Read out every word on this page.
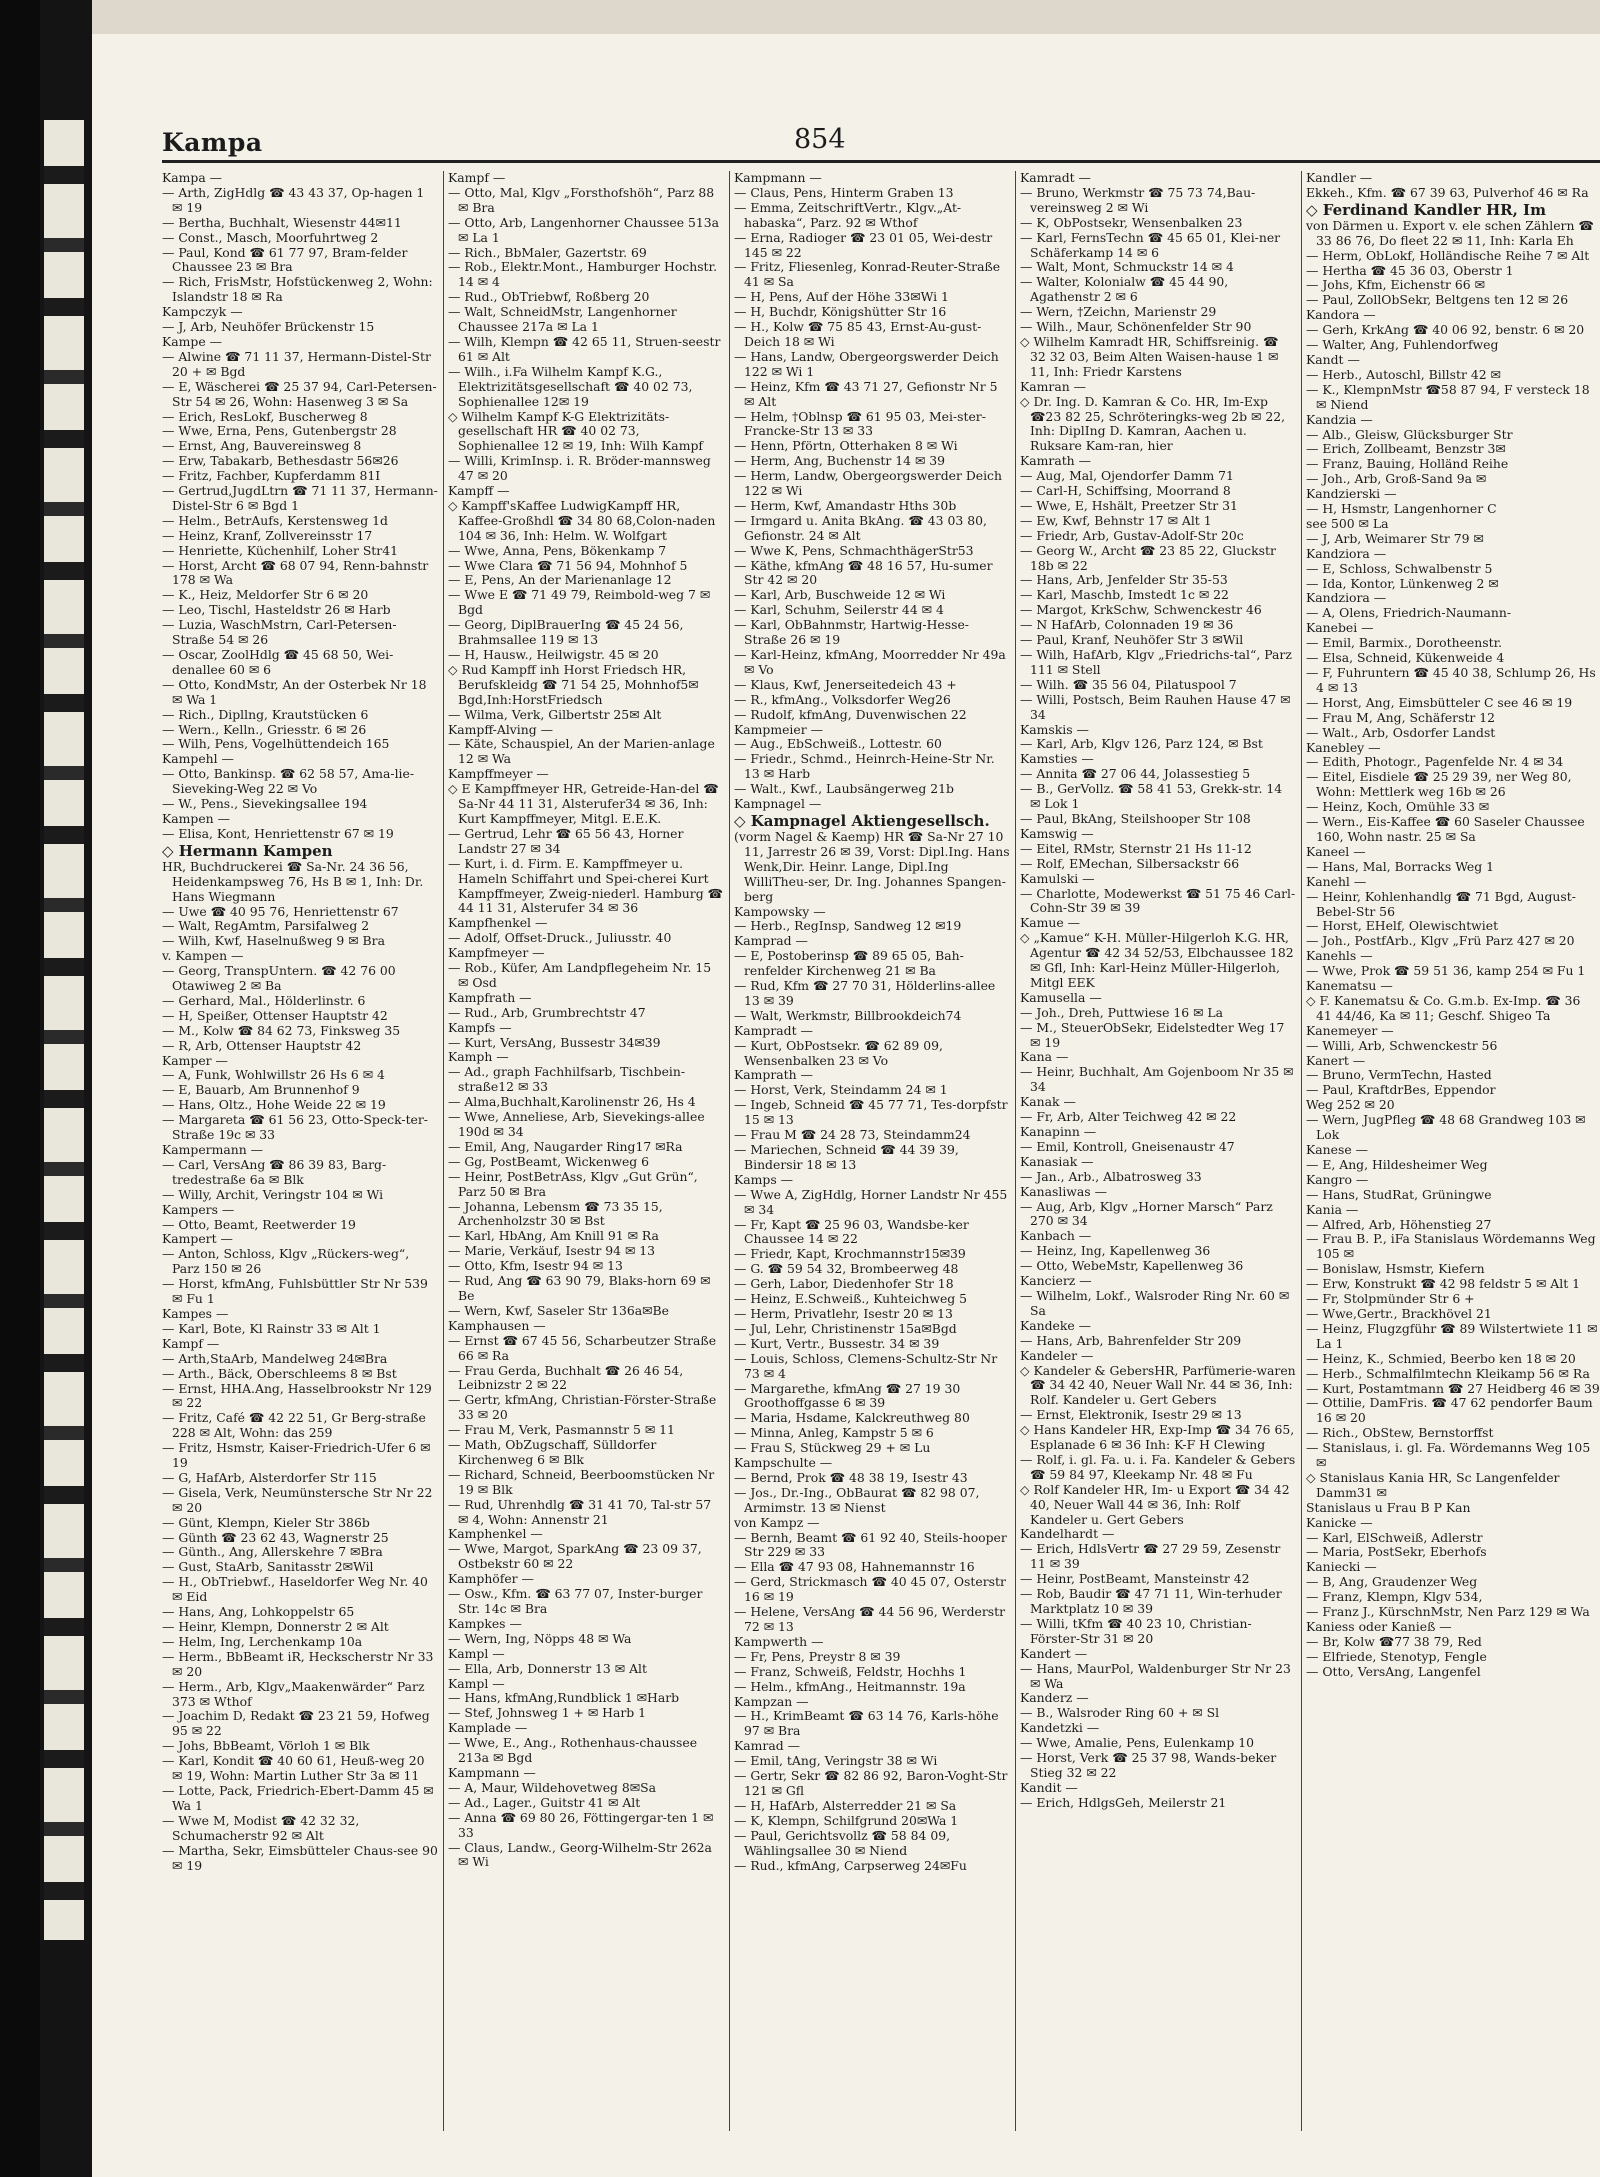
Kampa	854

Kampa —

— Arth, ZigHdlg ☎ 43 43 37, Op-hagen 1 ✉ 19

— Bertha, Buchhalt, Wiesenstr 44✉11

— Const., Masch, Moorfuhrtweg 2

— Paul, Kond ☎ 61 77 97, Bram-felder Chaussee 23 ✉ Bra

— Rich, FrisMstr, Hofstückenweg 2, Wohn: Islandstr 18 ✉ Ra

Kampczyk —

— J, Arb, Neuhöfer Brückenstr 15

Kampe —

— Alwine ☎ 71 11 37, Hermann-Distel-Str 20 + ✉ Bgd

— E, Wäscherei ☎ 25 37 94, Carl-Petersen-Str 54 ✉ 26, Wohn: Hasenweg 3 ✉ Sa

— Erich, ResLokf, Buscherweg 8

— Wwe, Erna, Pens, Gutenbergstr 28

— Ernst, Ang, Bauvereinsweg 8

— Erw, Tabakarb, Bethesdastr 56✉26

— Fritz, Fachber, Kupferdamm 81I

— Gertrud,JugdLtrn ☎ 71 11 37, Hermann-Distel-Str 6 ✉ Bgd 1

— Helm., BetrAufs, Kerstensweg 1d

— Heinz, Kranf, Zollvereinsstr 17

— Henriette, Küchenhilf, Loher Str41

— Horst, Archt ☎ 68 07 94, Renn-bahnstr 178 ✉ Wa

— K., Heiz, Meldorfer Str 6 ✉ 20

— Leo, Tischl, Hasteldstr 26 ✉ Harb

— Luzia, WaschMstrn, Carl-Petersen-Straße 54 ✉ 26

— Oscar, ZoolHdlg ☎ 45 68 50, Wei-denallee 60 ✉ 6

— Otto, KondMstr, An der Osterbek Nr 18 ✉ Wa 1

— Rich., Dipllng, Krautstücken 6

— Wern., Kelln., Griesstr. 6 ✉ 26

— Wilh, Pens, Vogelhüttendeich 165

Kampehl —

— Otto, Bankinsp. ☎ 62 58 57, Ama-lie-Sieveking-Weg 22 ✉ Vo

— W., Pens., Sievekingsallee 194

Kampen —

— Elisa, Kont, Henriettenstr 67 ✉ 19

◇ Hermann Kampen

HR, Buchdruckerei ☎ Sa-Nr. 24 36 56, Heidenkampsweg 76, Hs B ✉ 1, Inh: Dr. Hans Wiegmann

— Uwe ☎ 40 95 76, Henriettenstr 67

— Walt, RegAmtm, Parsifalweg 2

— Wilh, Kwf, Haselnußweg 9 ✉ Bra

v. Kampen —

— Georg, TranspUntern. ☎ 42 76 00 Otawiweg 2 ✉ Ba

— Gerhard, Mal., Hölderlinstr. 6

— H, Speißer, Ottenser Hauptstr 42

— M., Kolw ☎ 84 62 73, Finksweg 35

— R, Arb, Ottenser Hauptstr 42

Kamper —

— A, Funk, Wohlwillstr 26 Hs 6 ✉ 4

— E, Bauarb, Am Brunnenhof 9

— Hans, Oltz., Hohe Weide 22 ✉ 19

— Margareta ☎ 61 56 23, Otto-Speck-ter-Straße 19c ✉ 33

Kampermann —

— Carl, VersAng ☎ 86 39 83, Barg-tredestraße 6a ✉ Blk

— Willy, Archit, Veringstr 104 ✉ Wi

Kampers —

— Otto, Beamt, Reetwerder 19

Kampert —

— Anton, Schloss, Klgv „Rückers-weg“, Parz 150 ✉ 26

— Horst, kfmAng, Fuhlsbüttler Str Nr 539 ✉ Fu 1

Kampes —

— Karl, Bote, Kl Rainstr 33 ✉ Alt 1

Kampf —

— Arth,StaArb, Mandelweg 24✉Bra

— Arth., Bäck, Oberschleems 8 ✉ Bst

— Ernst, HHA.Ang, Hasselbrookstr Nr 129 ✉ 22

— Fritz, Café ☎ 42 22 51, Gr Berg-straße 228 ✉ Alt, Wohn: das 259

— Fritz, Hsmstr, Kaiser-Friedrich-Ufer 6 ✉ 19

— G, HafArb, Alsterdorfer Str 115

— Gisela, Verk, Neumünstersche Str Nr 22 ✉ 20

— Günt, Klempn, Kieler Str 386b

— Günth ☎ 23 62 43, Wagnerstr 25

— Günth., Ang, Allerskehre 7 ✉Bra

— Gust, StaArb, Sanitasstr 2✉Wil

— H., ObTriebwf., Haseldorfer Weg Nr. 40 ✉ Eid

— Hans, Ang, Lohkoppelstr 65

— Heinr, Klempn, Donnerstr 2 ✉ Alt

— Helm, Ing, Lerchenkamp 10a

— Herm., BbBeamt iR, Heckscherstr Nr 33 ✉ 20

— Herm., Arb, Klgv„Maakenwärder“ Parz 373 ✉ Wthof

— Joachim D, Redakt ☎ 23 21 59, Hofweg 95 ✉ 22

— Johs, BbBeamt, Vörloh 1 ✉ Blk

— Karl, Kondit ☎ 40 60 61, Heuß-weg 20 ✉ 19, Wohn: Martin Luther Str 3a ✉ 11

— Lotte, Pack, Friedrich-Ebert-Damm 45 ✉ Wa 1

— Wwe M, Modist ☎ 42 32 32, Schumacherstr 92 ✉ Alt

— Martha, Sekr, Eimsbütteler Chaus-see 90 ✉ 19

Kampf —

— Otto, Mal, Klgv „Forsthofshöh“, Parz 88 ✉ Bra

— Otto, Arb, Langenhorner Chaussee 513a ✉ La 1

— Rich., BbMaler, Gazertstr. 69

— Rob., Elektr.Mont., Hamburger Hochstr. 14 ✉ 4

— Rud., ObTriebwf, Roßberg 20

— Walt, SchneidMstr, Langenhorner Chaussee 217a ✉ La 1

— Wilh, Klempn ☎ 42 65 11, Struen-seestr 61 ✉ Alt

— Wilh., i.Fa Wilhelm Kampf K.G., Elektrizitätsgesellschaft ☎ 40 02 73, Sophienallee 12✉ 19

◇ Wilhelm Kampf K-G Elektrizitäts-gesellschaft HR ☎ 40 02 73, Sophienallee 12 ✉ 19, Inh: Wilh Kampf

— Willi, KrimInsp. i. R. Bröder-mannsweg 47 ✉ 20

Kampff —

◇ Kampff'sKaffee LudwigKampff HR, Kaffee-Großhdl ☎ 34 80 68,Colon-naden 104 ✉ 36, Inh: Helm. W. Wolfgart

— Wwe, Anna, Pens, Bökenkamp 7

— Wwe Clara ☎ 71 56 94, Mohnhof 5

— E, Pens, An der Marienanlage 12

— Wwe E ☎ 71 49 79, Reimbold-weg 7 ✉ Bgd

— Georg, DiplBrauerIng ☎ 45 24 56, Brahmsallee 119 ✉ 13

— H, Hausw., Heilwigstr. 45 ✉ 20

◇ Rud Kampff inh Horst Friedsch HR, Berufskleidg ☎ 71 54 25, Mohnhof5✉Bgd,Inh:HorstFriedsch

— Wilma, Verk, Gilbertstr 25✉ Alt

Kampff-Alving —

— Käte, Schauspiel, An der Marien-anlage 12 ✉ Wa

Kampffmeyer —

◇ E Kampffmeyer HR, Getreide-Han-del ☎ Sa-Nr 44 11 31, Alsterufer34 ✉ 36, Inh: Kurt Kampffmeyer, Mitgl. E.E.K.

— Gertrud, Lehr ☎ 65 56 43, Horner Landstr 27 ✉ 34

— Kurt, i. d. Firm. E. Kampffmeyer u. Hameln Schiffahrt und Spei-cherei Kurt Kampffmeyer, Zweig-niederl. Hamburg ☎ 44 11 31, Alsterufer 34 ✉ 36

Kampfhenkel —

— Adolf, Offset-Druck., Juliusstr. 40

Kampfmeyer —

— Rob., Küfer, Am Landpflegeheim Nr. 15 ✉ Osd

Kampfrath —

— Rud., Arb, Grumbrechtstr 47

Kampfs —

— Kurt, VersAng, Bussestr 34✉39

Kamph —

— Ad., graph Fachhilfsarb, Tischbein-straße12 ✉ 33

— Alma,Buchhalt,Karolinenstr 26, Hs 4

— Wwe, Anneliese, Arb, Sievekings-allee 190d ✉ 34

— Emil, Ang, Naugarder Ring17 ✉Ra

— Gg, PostBeamt, Wickenweg 6

— Heinr, PostBetrAss, Klgv „Gut Grün“, Parz 50 ✉ Bra

— Johanna, Lebensm ☎ 73 35 15, Archenholzstr 30 ✉ Bst

— Karl, HbAng, Am Knill 91 ✉ Ra

— Marie, Verkäuf, Isestr 94 ✉ 13

— Otto, Kfm, Isestr 94 ✉ 13

— Rud, Ang ☎ 63 90 79, Blaks-horn 69 ✉ Be

— Wern, Kwf, Saseler Str 136a✉Be

Kamphausen —

— Ernst ☎ 67 45 56, Scharbeutzer Straße 66 ✉ Ra

— Frau Gerda, Buchhalt ☎ 26 46 54, Leibnizstr 2 ✉ 22

— Gertr, kfmAng, Christian-Förster-Straße 33 ✉ 20

— Frau M, Verk, Pasmannstr 5 ✉ 11

— Math, ObZugschaff, Sülldorfer Kirchenweg 6 ✉ Blk

— Richard, Schneid, Beerboomstücken Nr 19 ✉ Blk

— Rud, Uhrenhdlg ☎ 31 41 70, Tal-str 57 ✉ 4, Wohn: Annenstr 21

Kamphenkel —

— Wwe, Margot, SparkAng ☎ 23 09 37, Ostbekstr 60 ✉ 22

Kamphöfer —

— Osw., Kfm. ☎ 63 77 07, Inster-burger Str. 14c ✉ Bra

Kampkes —

— Wern, Ing, Nöpps 48 ✉ Wa

Kampl —

— Ella, Arb, Donnerstr 13 ✉ Alt

Kampl —

— Hans, kfmAng,Rundblick 1 ✉Harb

— Stef, Johnsweg 1 + ✉ Harb 1

Kamplade —

— Wwe, E., Ang., Rothenhaus-chaussee 213a ✉ Bgd

Kampmann —

— A, Maur, Wildehovetweg 8✉Sa

— Ad., Lager., Guitstr 41 ✉ Alt

— Anna ☎ 69 80 26, Föttingergar-ten 1 ✉ 33

— Claus, Landw., Georg-Wilhelm-Str 262a ✉ Wi

Kampmann —

— Claus, Pens, Hinterm Graben 13

— Emma, ZeitschriftVertr., Klgv.„At-habaska“, Parz. 92 ✉ Wthof

— Erna, Radioger ☎ 23 01 05, Wei-destr 145 ✉ 22

— Fritz, Fliesenleg, Konrad-Reuter-Straße 41 ✉ Sa

— H, Pens, Auf der Höhe 33✉Wi 1

— H, Buchdr, Königshütter Str 16

— H., Kolw ☎ 75 85 43, Ernst-Au-gust-Deich 18 ✉ Wi

— Hans, Landw, Obergeorgswerder Deich 122 ✉ Wi 1

— Heinz, Kfm ☎ 43 71 27, Gefionstr Nr 5 ✉ Alt

— Helm, †Oblnsp ☎ 61 95 03, Mei-ster-Francke-Str 13 ✉ 33

— Henn, Pförtn, Otterhaken 8 ✉ Wi

— Herm, Ang, Buchenstr 14 ✉ 39

— Herm, Landw, Obergeorgswerder Deich 122 ✉ Wi

— Herm, Kwf, Amandastr Hths 30b

— Irmgard u. Anita BkAng. ☎ 43 03 80, Gefionstr. 24 ✉ Alt

— Wwe K, Pens, SchmachthägerStr53

— Käthe, kfmAng ☎ 48 16 57, Hu-sumer Str 42 ✉ 20

— Karl, Arb, Buschweide 12 ✉ Wi

— Karl, Schuhm, Seilerstr 44 ✉ 4

— Karl, ObBahnmstr, Hartwig-Hesse-Straße 26 ✉ 19

— Karl-Heinz, kfmAng, Moorredder Nr 49a ✉ Vo

— Klaus, Kwf, Jenerseitedeich 43 +

— R., kfmAng., Volksdorfer Weg26

— Rudolf, kfmAng, Duvenwischen 22

Kampmeier —

— Aug., EbSchweiß., Lottestr. 60

— Friedr., Schmd., Heinrch-Heine-Str Nr. 13 ✉ Harb

— Walt., Kwf., Laubsängerweg 21b

Kampnagel —

◇ Kampnagel Aktiengesellsch.

(vorm Nagel & Kaemp) HR ☎ Sa-Nr 27 10 11, Jarrestr 26 ✉ 39, Vorst: Dipl.Ing. Hans Wenk,Dir. Heinr. Lange, Dipl.Ing WilliTheu-ser, Dr. Ing. Johannes Spangen-berg

Kampowsky —

— Herb., RegInsp, Sandweg 12 ✉19

Kamprad —

— E, Postoberinsp ☎ 89 65 05, Bah-renfelder Kirchenweg 21 ✉ Ba

— Rud, Kfm ☎ 27 70 31, Hölderlins-allee 13 ✉ 39

— Walt, Werkmstr, Billbrookdeich74

Kampradt —

— Kurt, ObPostsekr. ☎ 62 89 09, Wensenbalken 23 ✉ Vo

Kamprath —

— Horst, Verk, Steindamm 24 ✉ 1

— Ingeb, Schneid ☎ 45 77 71, Tes-dorpfstr 15 ✉ 13

— Frau M ☎ 24 28 73, Steindamm24

— Mariechen, Schneid ☎ 44 39 39, Bindersir 18 ✉ 13

Kamps —

— Wwe A, ZigHdlg, Horner Landstr Nr 455 ✉ 34

— Fr, Kapt ☎ 25 96 03, Wandsbe-ker Chaussee 14 ✉ 22

— Friedr, Kapt, Krochmannstr15✉39

— G. ☎ 59 54 32, Brombeerweg 48

— Gerh, Labor, Diedenhofer Str 18

— Heinz, E.Schweiß., Kuhteichweg 5

— Herm, Privatlehr, Isestr 20 ✉ 13

— Jul, Lehr, Christinenstr 15a✉Bgd

— Kurt, Vertr., Bussestr. 34 ✉ 39

— Louis, Schloss, Clemens-Schultz-Str Nr 73 ✉ 4

— Margarethe, kfmAng ☎ 27 19 30 Groothoffgasse 6 ✉ 39

— Maria, Hsdame, Kalckreuthweg 80

— Minna, Anleg, Kampstr 5 ✉ 6

— Frau S, Stückweg 29 + ✉ Lu

Kampschulte —

— Bernd, Prok ☎ 48 38 19, Isestr 43

— Jos., Dr.-Ing., ObBaurat ☎ 82 98 07, Armimstr. 13 ✉ Nienst

von Kampz —

— Bernh, Beamt ☎ 61 92 40, Steils-hooper Str 229 ✉ 33

— Ella ☎ 47 93 08, Hahnemannstr 16

— Gerd, Strickmasch ☎ 40 45 07, Osterstr 16 ✉ 19

— Helene, VersAng ☎ 44 56 96, Werderstr 72 ✉ 13

Kampwerth —

— Fr, Pens, Preystr 8 ✉ 39

— Franz, Schweiß, Feldstr, Hochhs 1

— Helm., kfmAng., Heitmannstr. 19a

Kampzan —

— H., KrimBeamt ☎ 63 14 76, Karls-höhe 97 ✉ Bra

Kamrad —

— Emil, tAng, Veringstr 38 ✉ Wi

— Gertr, Sekr ☎ 82 86 92, Baron-Voght-Str 121 ✉ Gfl

— H, HafArb, Alsterredder 21 ✉ Sa

— K, Klempn, Schilfgrund 20✉Wa 1

— Paul, Gerichtsvollz ☎ 58 84 09, Wählingsallee 30 ✉ Niend

— Rud., kfmAng, Carpserweg 24✉Fu

Kamradt —

— Bruno, Werkmstr ☎ 75 73 74,Bau-vereinsweg 2 ✉ Wi

— K, ObPostsekr, Wensenbalken 23

— Karl, FernsTechn ☎ 45 65 01, Klei-ner Schäferkamp 14 ✉ 6

— Walt, Mont, Schmuckstr 14 ✉ 4

— Walter, Kolonialw ☎ 45 44 90, Agathenstr 2 ✉ 6

— Wern, †Zeichn, Marienstr 29

— Wilh., Maur, Schönenfelder Str 90

◇ Wilhelm Kamradt HR, Schiffsreinig. ☎ 32 32 03, Beim Alten Waisen-hause 1 ✉ 11, Inh: Friedr Karstens

Kamran —

◇ Dr. Ing. D. Kamran & Co. HR, Im-Exp ☎23 82 25, Schröteringks-weg 2b ✉ 22, Inh: DiplIng D. Kamran, Aachen u. Ruksare Kam-ran, hier

Kamrath —

— Aug, Mal, Ojendorfer Damm 71

— Carl-H, Schiffsing, Moorrand 8

— Wwe, E, Hshält, Preetzer Str 31

— Ew, Kwf, Behnstr 17 ✉ Alt 1

— Friedr, Arb, Gustav-Adolf-Str 20c

— Georg W., Archt ☎ 23 85 22, Gluckstr 18b ✉ 22

— Hans, Arb, Jenfelder Str 35-53

— Karl, Maschb, Imstedt 1c ✉ 22

— Margot, KrkSchw, Schwenckestr 46

— N HafArb, Colonnaden 19 ✉ 36

— Paul, Kranf, Neuhöfer Str 3 ✉Wil

— Wilh, HafArb, Klgv „Friedrichs-tal“, Parz 111 ✉ Stell

— Wilh. ☎ 35 56 04, Pilatuspool 7

— Willi, Postsch, Beim Rauhen Hause 47 ✉ 34

Kamskis —

— Karl, Arb, Klgv 126, Parz 124, ✉ Bst

Kamsties —

— Annita ☎ 27 06 44, Jolassestieg 5

— B., GerVollz. ☎ 58 41 53, Grekk-str. 14 ✉ Lok 1

— Paul, BkAng, Steilshooper Str 108

Kamswig —

— Eitel, RMstr, Sternstr 21 Hs 11-12

— Rolf, EMechan, Silbersackstr 66

Kamulski —

— Charlotte, Modewerkst ☎ 51 75 46 Carl-Cohn-Str 39 ✉ 39

Kamue —

◇ „Kamue“ K-H. Müller-Hilgerloh K.G. HR, Agentur ☎ 42 34 52/53, Elbchaussee 182 ✉ Gfl, Inh: Karl-Heinz Müller-Hilgerloh, Mitgl EEK

Kamusella —

— Joh., Dreh, Puttwiese 16 ✉ La

— M., SteuerObSekr, Eidelstedter Weg 17 ✉ 19

Kana —

— Heinr, Buchhalt, Am Gojenboom Nr 35 ✉ 34

Kanak —

— Fr, Arb, Alter Teichweg 42 ✉ 22

Kanapinn —

— Emil, Kontroll, Gneisenaustr 47

Kanasiak —

— Jan., Arb., Albatrosweg 33

Kanasliwas —

— Aug, Arb, Klgv „Horner Marsch“ Parz 270 ✉ 34

Kanbach —

— Heinz, Ing, Kapellenweg 36

— Otto, WebeMstr, Kapellenweg 36

Kancierz —

— Wilhelm, Lokf., Walsroder Ring Nr. 60 ✉ Sa

Kandeke —

— Hans, Arb, Bahrenfelder Str 209

Kandeler —

◇ Kandeler & GebersHR, Parfümerie-waren ☎ 34 42 40, Neuer Wall Nr. 44 ✉ 36, Inh: Rolf. Kandeler u. Gert Gebers

— Ernst, Elektronik, Isestr 29 ✉ 13

◇ Hans Kandeler HR, Exp-Imp ☎ 34 76 65, Esplanade 6 ✉ 36 Inh: K-F H Clewing

— Rolf, i. gl. Fa. u. i. Fa. Kandeler & Gebers ☎ 59 84 97, Kleekamp Nr. 48 ✉ Fu

◇ Rolf Kandeler HR, Im- u Export ☎ 34 42 40, Neuer Wall 44 ✉ 36, Inh: Rolf Kandeler u. Gert Gebers

Kandelhardt —

— Erich, HdlsVertr ☎ 27 29 59, Zesenstr 11 ✉ 39

— Heinr, PostBeamt, Mansteinstr 42

— Rob, Baudir ☎ 47 71 11, Win-terhuder Marktplatz 10 ✉ 39

— Willi, tKfm ☎ 40 23 10, Christian-Förster-Str 31 ✉ 20

Kandert —

— Hans, MaurPol, Waldenburger Str Nr 23 ✉ Wa

Kanderz —

— B., Walsroder Ring 60 + ✉ Sl

Kandetzki —

— Wwe, Amalie, Pens, Eulenkamp 10

— Horst, Verk ☎ 25 37 98, Wands-beker Stieg 32 ✉ 22

Kandit —

— Erich, HdlgsGeh, Meilerstr 21

Kandler —

Ekkeh., Kfm. ☎ 67 39 63, Pulverhof 46 ✉ Ra

◇ Ferdinand Kandler HR, Im

von Därmen u. Export v. ele schen Zählern ☎ 33 86 76, Do fleet 22 ✉ 11, Inh: Karla Eh

— Herm, ObLokf, Holländische Reihe 7 ✉ Alt

— Hertha ☎ 45 36 03, Oberstr 1

— Johs, Kfm, Eichenstr 66 ✉

— Paul, ZollObSekr, Beltgens ten 12 ✉ 26

Kandora —

— Gerh, KrkAng ☎ 40 06 92, benstr. 6 ✉ 20

— Walter, Ang, Fuhlendorfweg

Kandt —

— Herb., Autoschl, Billstr 42 ✉

— K., KlempnMstr ☎58 87 94, F versteck 18 ✉ Niend

Kandzia —

— Alb., Gleisw, Glücksburger Str

— Erich, Zollbeamt, Benzstr 3✉

— Franz, Bauing, Holländ Reihe

— Joh., Arb, Groß-Sand 9a ✉

Kandzierski —

— H, Hsmstr, Langenhorner C

see 500 ✉ La

— J, Arb, Weimarer Str 79 ✉

Kandziora —

— E, Schloss, Schwalbenstr 5

— Ida, Kontor, Lünkenweg 2 ✉

Kandziora —

— A, Olens, Friedrich-Naumann-

Kanebei —

— Emil, Barmix., Dorotheenstr.

— Elsa, Schneid, Kükenweide 4

— F, Fuhruntern ☎ 45 40 38, Schlump 26, Hs 4 ✉ 13

— Horst, Ang, Eimsbütteler C see 46 ✉ 19

— Frau M, Ang, Schäferstr 12

— Walt., Arb, Osdorfer Landst

Kanebley —

— Edith, Photogr., Pagenfelde Nr. 4 ✉ 34

— Eitel, Eisdiele ☎ 25 29 39, ner Weg 80, Wohn: Mettlerk weg 16b ✉ 26

— Heinz, Koch, Omühle 33 ✉

— Wern., Eis-Kaffee ☎ 60 Saseler Chaussee 160, Wohn nastr. 25 ✉ Sa

Kaneel —

— Hans, Mal, Borracks Weg 1

Kanehl —

— Heinr, Kohlenhandlg ☎ 71 Bgd, August-Bebel-Str 56

— Horst, EHelf, Olewischtwiet

— Joh., PostfArb., Klgv „Frü Parz 427 ✉ 20

Kanehls —

— Wwe, Prok ☎ 59 51 36, kamp 254 ✉ Fu 1

Kanematsu —

◇ F. Kanematsu & Co. G.m.b. Ex-Imp. ☎ 36 41 44/46, Ka ✉ 11; Geschf. Shigeo Ta

Kanemeyer —

— Willi, Arb, Schwenckestr 56

Kanert —

— Bruno, VermTechn, Hasted

— Paul, KraftdrBes, Eppendor

Weg 252 ✉ 20

— Wern, JugPfleg ☎ 48 68 Grandweg 103 ✉ Lok

Kanese —

— E, Ang, Hildesheimer Weg

Kangro —

— Hans, StudRat, Grüningwe

Kania —

— Alfred, Arb, Höhenstieg 27

— Frau B. P., iFa Stanislaus Wördemanns Weg 105 ✉

— Bonislaw, Hsmstr, Kiefern

— Erw, Konstrukt ☎ 42 98 feldstr 5 ✉ Alt 1

— Fr, Stolpmünder Str 6 +

— Wwe,Gertr., Brackhövel 21

— Heinz, Flugzgführ ☎ 89 Wilstertwiete 11 ✉ La 1

— Heinz, K., Schmied, Beerbo ken 18 ✉ 20

— Herb., Schmalfilmtechn Kleikamp 56 ✉ Ra

— Kurt, Postamtmann ☎ 27 Heidberg 46 ✉ 39

— Ottilie, DamFris. ☎ 47 62 pendorfer Baum 16 ✉ 20

— Rich., ObStew, Bernstorffst

— Stanislaus, i. gl. Fa. Wördemanns Weg 105 ✉

◇ Stanislaus Kania HR, Sc Langenfelder Damm31 ✉

Stanislaus u Frau B P Kan

Kanicke —

— Karl, ElSchweiß, Adlerstr

— Maria, PostSekr, Eberhofs

Kaniecki —

— B, Ang, Graudenzer Weg

— Franz, Klempn, Klgv 534,

— Franz J., KürschnMstr, Nen Parz 129 ✉ Wa

Kaniess oder Kanieß —

— Br, Kolw ☎77 38 79, Red

— Elfriede, Stenotyp, Fengle

— Otto, VersAng, Langenfel
